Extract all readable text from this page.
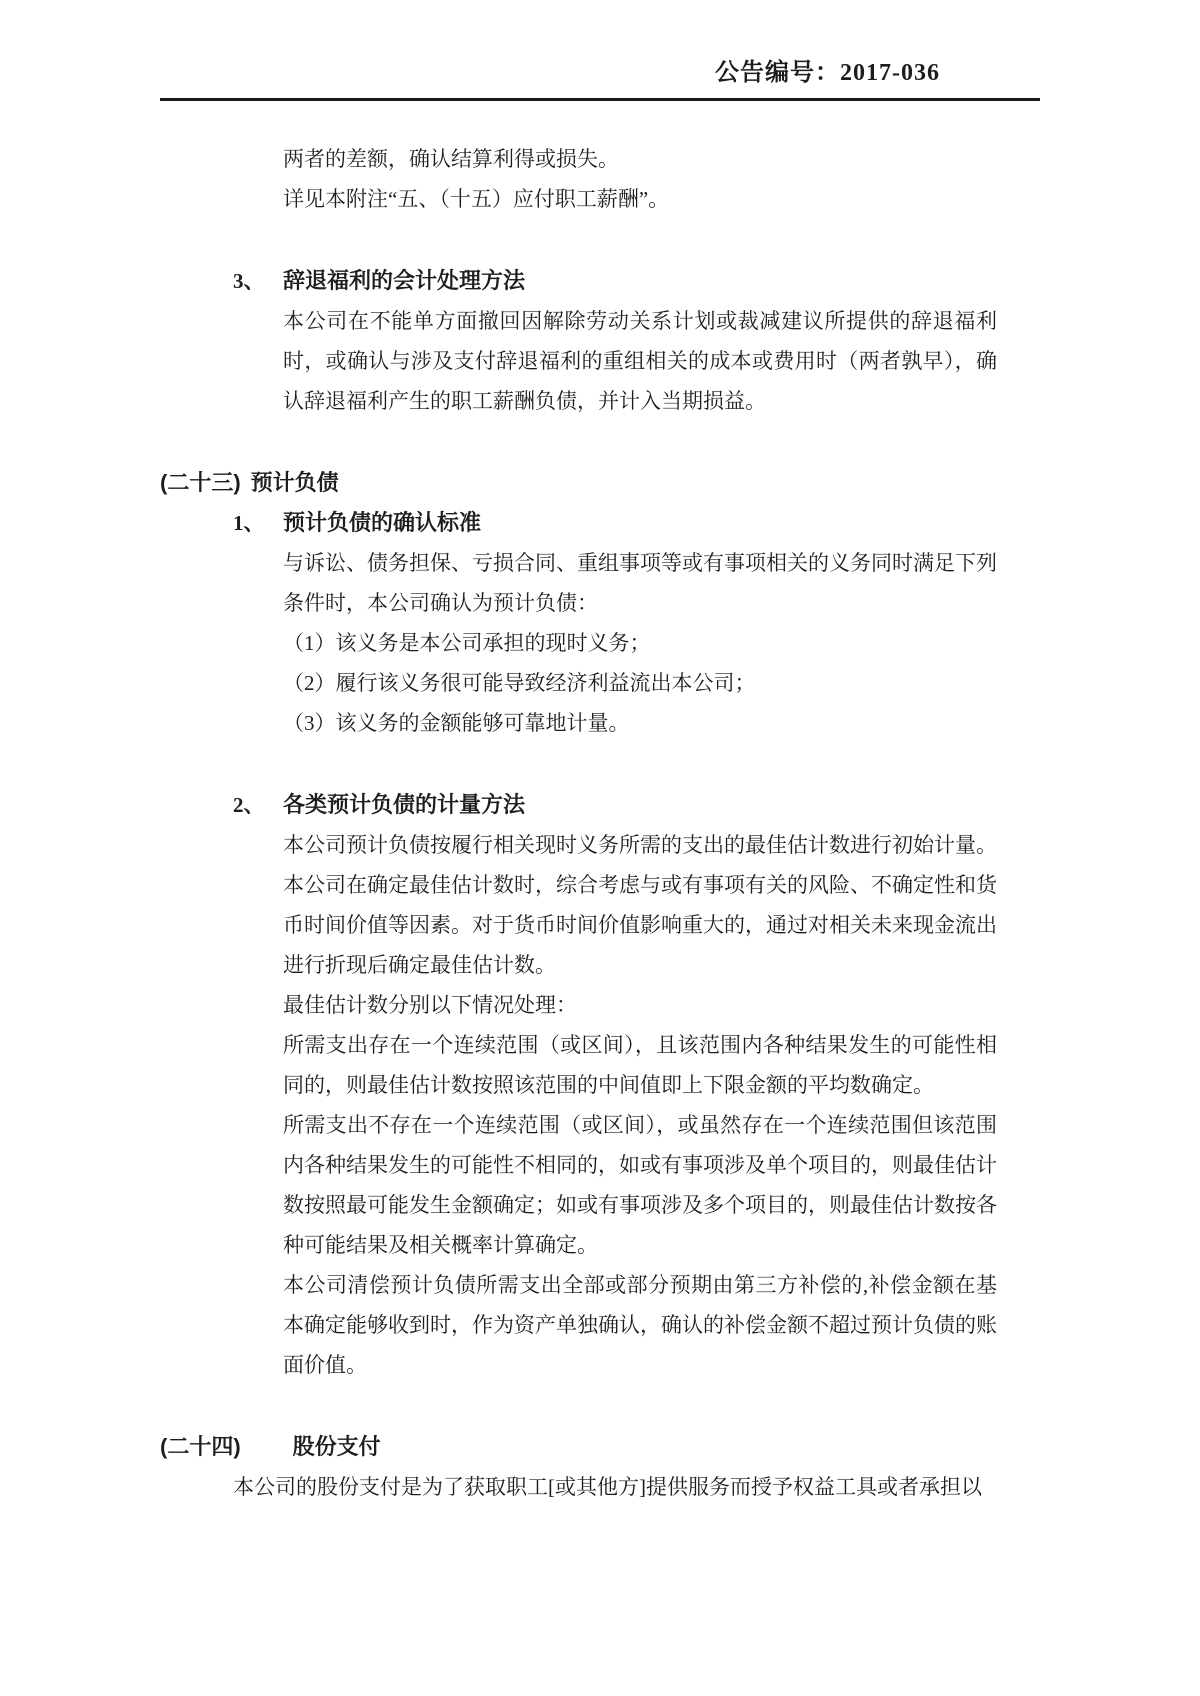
公告编号：2017-036

两者的差额，确认结算利得或损失。

详见本附注“五、（十五）应付职工薪酬”。

3、 辞退福利的会计处理方法

本公司在不能单方面撤回因解除劳动关系计划或裁减建议所提供的辞退福利时，或确认与涉及支付辞退福利的重组相关的成本或费用时（两者孰早），确认辞退福利产生的职工薪酬负债，并计入当期损益。

(二十三) 预计负债
1、 预计负债的确认标准

与诉讼、债务担保、亏损合同、重组事项等或有事项相关的义务同时满足下列条件时，本公司确认为预计负债：

（1）该义务是本公司承担的现时义务；

（2）履行该义务很可能导致经济利益流出本公司；

（3）该义务的金额能够可靠地计量。

2、 各类预计负债的计量方法

本公司预计负债按履行相关现时义务所需的支出的最佳估计数进行初始计量。本公司在确定最佳估计数时，综合考虑与或有事项有关的风险、不确定性和货币时间价值等因素。对于货币时间价值影响重大的，通过对相关未来现金流出进行折现后确定最佳估计数。

最佳估计数分别以下情况处理：

所需支出存在一个连续范围（或区间），且该范围内各种结果发生的可能性相同的，则最佳估计数按照该范围的中间值即上下限金额的平均数确定。

所需支出不存在一个连续范围（或区间），或虽然存在一个连续范围但该范围内各种结果发生的可能性不相同的，如或有事项涉及单个项目的，则最佳估计数按照最可能发生金额确定；如或有事项涉及多个项目的，则最佳估计数按各种可能结果及相关概率计算确定。

本公司清偿预计负债所需支出全部或部分预期由第三方补偿的,补偿金额在基本确定能够收到时，作为资产单独确认，确认的补偿金额不超过预计负债的账面价值。

(二十四) 股份支付

本公司的股份支付是为了获取职工[或其他方]提供服务而授予权益工具或者承担以
